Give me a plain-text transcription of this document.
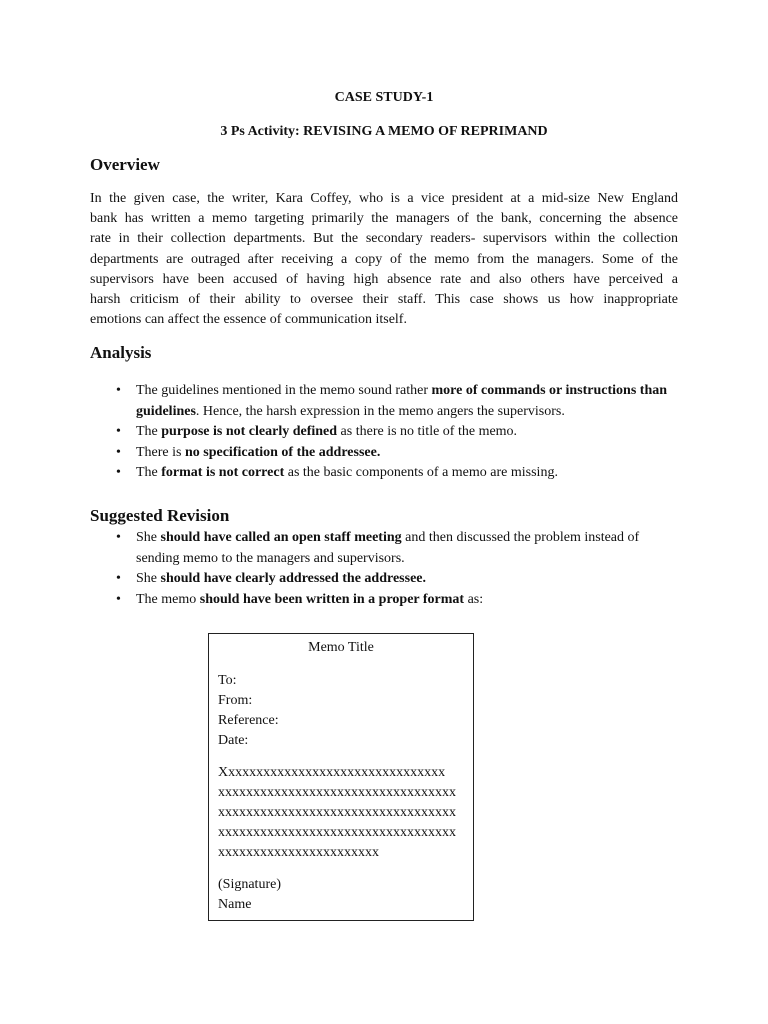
CASE STUDY-1

3 Ps Activity: REVISING A MEMO OF REPRIMAND

Overview
In the given case, the writer, Kara Coffey, who is a vice president at a mid-size New England
bank has written a memo targeting primarily the managers of the bank, concerning the absence
rate in their collection departments. But the secondary readers- supervisors within the collection
departments are outraged after receiving a copy of the memo from the managers. Some of the
supervisors have been accused of having high absence rate and also others have perceived a
harsh criticism of their ability to oversee their staff. This case shows us how inappropriate
emotions can affect the essence of communication itself.
Analysis
• The guidelines mentioned in the memo sound rather more of commands or instructions than guidelines. Hence, the harsh expression in the memo angers the supervisors.
• The purpose is not clearly defined as there is no title of the memo.
• There is no specification of the addressee.
• The format is not correct as the basic components of a memo are missing.
Suggested Revision
• She should have called an open staff meeting and then discussed the problem instead of sending memo to the managers and supervisors.
• She should have clearly addressed the addressee.
• The memo should have been written in a proper format as:
Memo Title
To:
From:
Reference:
Date:
Xxxxxxxxxxxxxxxxxxxxxxxxxxxxxxxx
xxxxxxxxxxxxxxxxxxxxxxxxxxxxxxxxxx
xxxxxxxxxxxxxxxxxxxxxxxxxxxxxxxxxx
xxxxxxxxxxxxxxxxxxxxxxxxxxxxxxxxxx
xxxxxxxxxxxxxxxxxxxxxxx
(Signature)
Name
